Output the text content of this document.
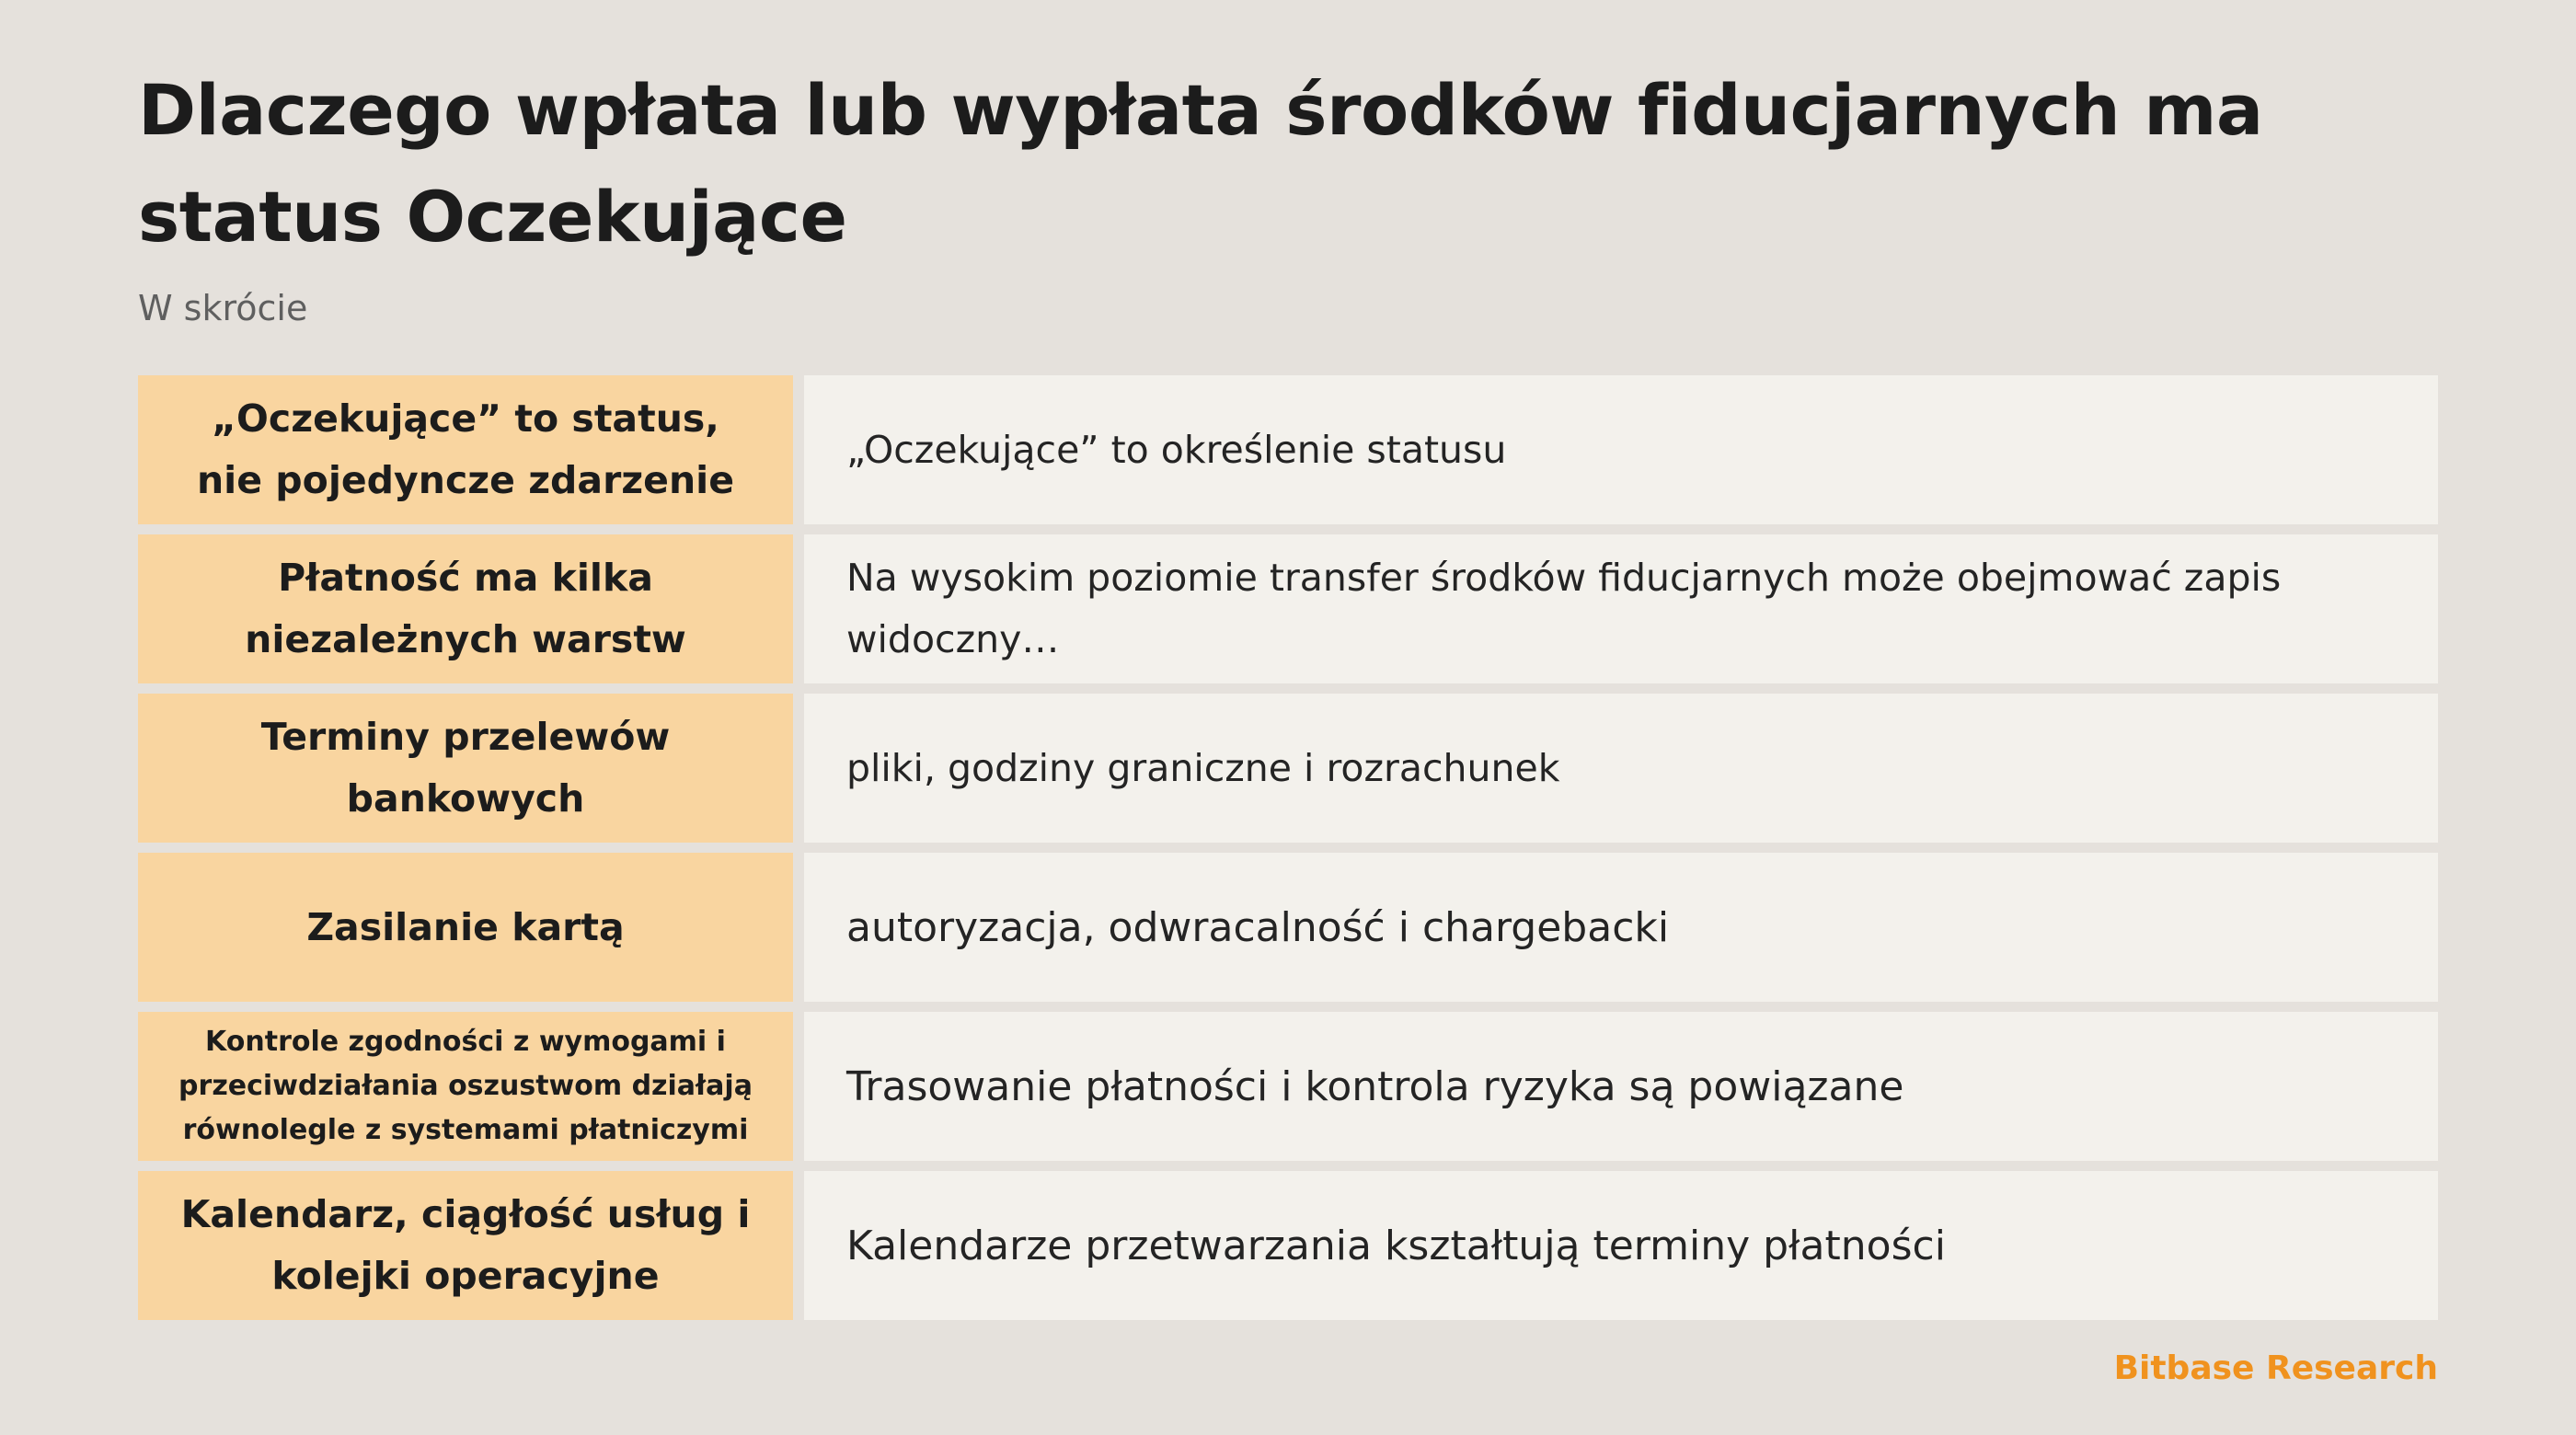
Dlaczego wpłata lub wypłata środków fiducjarnych ma status Oczekujące

W skrócie

„Oczekujące” to status, nie pojedyncze zdarzenie
„Oczekujące” to określenie statusu
Płatność ma kilka niezależnych warstw
Na wysokim poziomie transfer środków fiducjarnych może obejmować zapis widoczny…
Terminy przelewów bankowych
pliki, godziny graniczne i rozrachunek
Zasilanie kartą	autoryzacja, odwracalność i chargebacki
Kontrole zgodności z wymogami i przeciwdziałania oszustwom działają równolegle z systemami płatniczymi
Trasowanie płatności i kontrola ryzyka są powiązane
Kalendarz, ciągłość usług i kolejki operacyjne
Kalendarze przetwarzania kształtują terminy płatności
Bitbase Research
